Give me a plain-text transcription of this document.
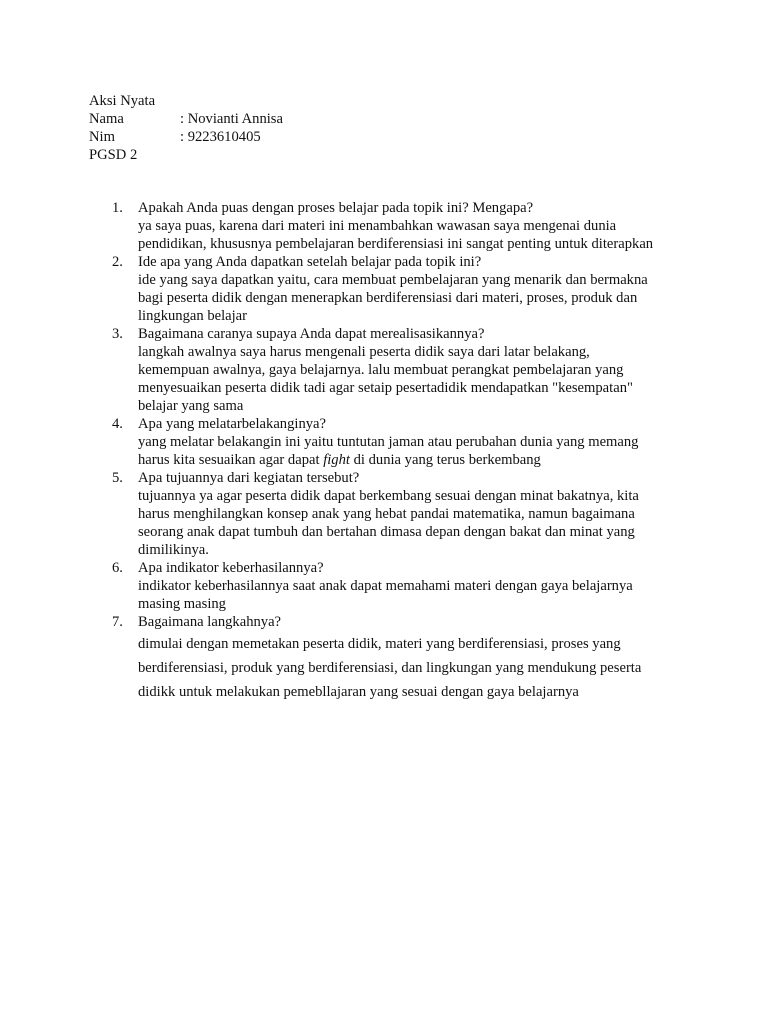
Aksi Nyata
Nama	: Novianti Annisa
Nim	: 9223610405
PGSD 2
1. Apakah Anda puas dengan proses belajar pada topik ini? Mengapa?
ya saya puas, karena dari materi ini menambahkan wawasan saya mengenai dunia
pendidikan, khususnya pembelajaran berdiferensiasi ini sangat penting untuk diterapkan
2. Ide apa yang Anda dapatkan setelah belajar pada topik ini?
ide yang saya dapatkan yaitu, cara membuat pembelajaran yang menarik dan bermakna
bagi peserta didik dengan menerapkan berdiferensiasi dari materi, proses, produk dan
lingkungan belajar
3. Bagaimana caranya supaya Anda dapat merealisasikannya?
langkah awalnya saya harus mengenali peserta didik saya dari latar belakang,
kemempuan awalnya, gaya belajarnya. lalu membuat perangkat pembelajaran yang
menyesuaikan peserta didik tadi agar setaip pesertadidik mendapatkan "kesempatan"
belajar yang sama
4. Apa yang melatarbelakanginya?
yang melatar belakangin ini yaitu tuntutan jaman atau perubahan dunia yang memang
harus kita sesuaikan agar dapat fight di dunia yang terus berkembang
5. Apa tujuannya dari kegiatan tersebut?
tujuannya ya agar peserta didik dapat berkembang sesuai dengan minat bakatnya, kita
harus menghilangkan konsep anak yang hebat pandai matematika, namun bagaimana
seorang anak dapat tumbuh dan bertahan dimasa depan dengan bakat dan minat yang
dimilikinya.
6. Apa indikator keberhasilannya?
indikator keberhasilannya saat anak dapat memahami materi dengan gaya belajarnya
masing masing
7. Bagaimana langkahnya?
dimulai dengan memetakan peserta didik, materi yang berdiferensiasi, proses yang
berdiferensiasi, produk yang berdiferensiasi, dan lingkungan yang mendukung peserta
didikk untuk melakukan pemebllajaran yang sesuai dengan gaya belajarnya
